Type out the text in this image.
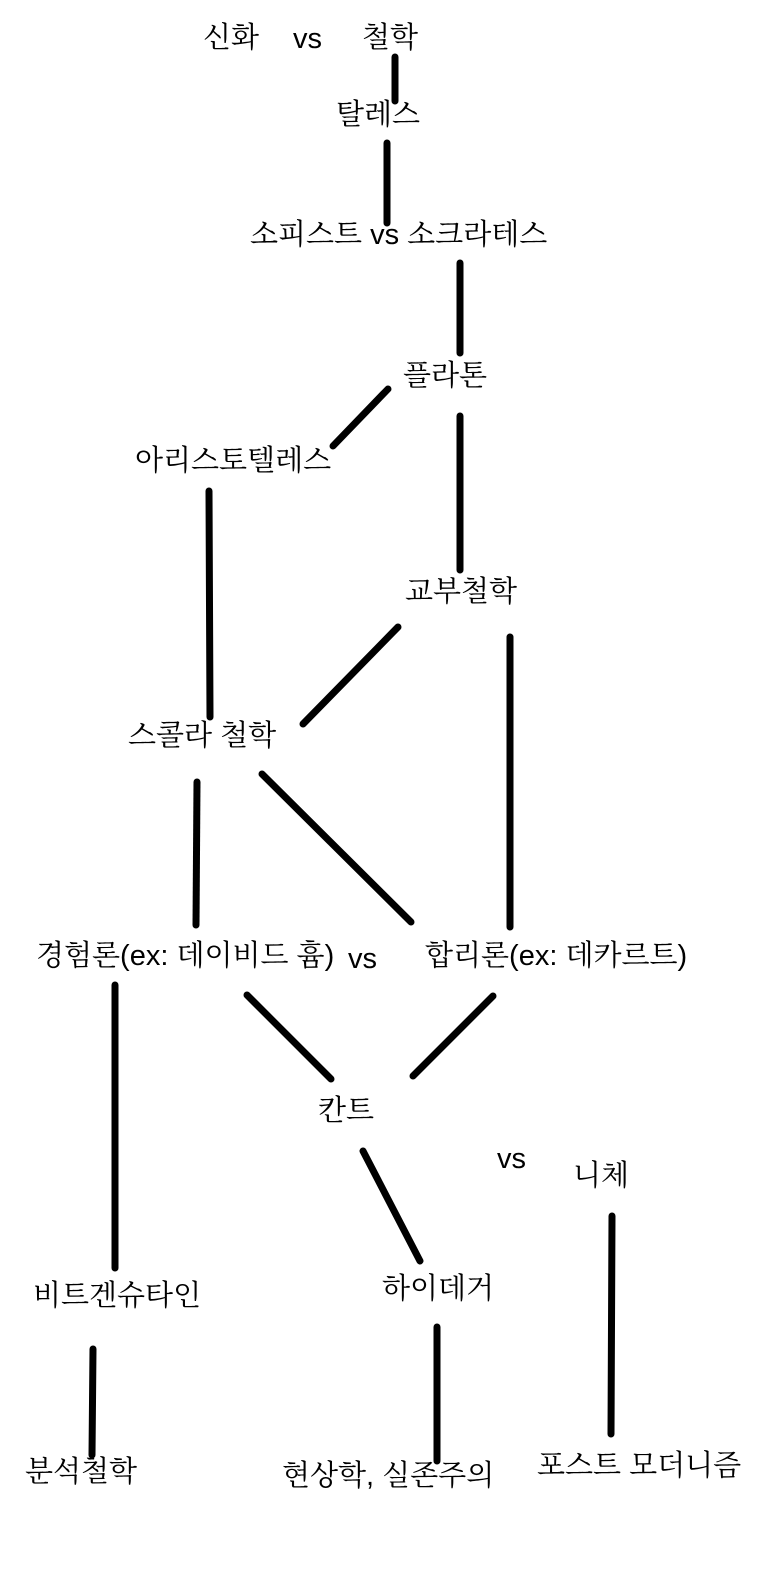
신화 vs 철학
탈레스
소피스트 vs 소크라테스
플라톤
아리스토텔레스
교부철학
스콜라 철학
경험론(ex: 데이비드 흄) vs 합리론(ex: 데카르트)
칸트
vs
니체
비트겐슈타인	하이데거
분석철학	현상학, 실존주의 포스트 모더니즘
